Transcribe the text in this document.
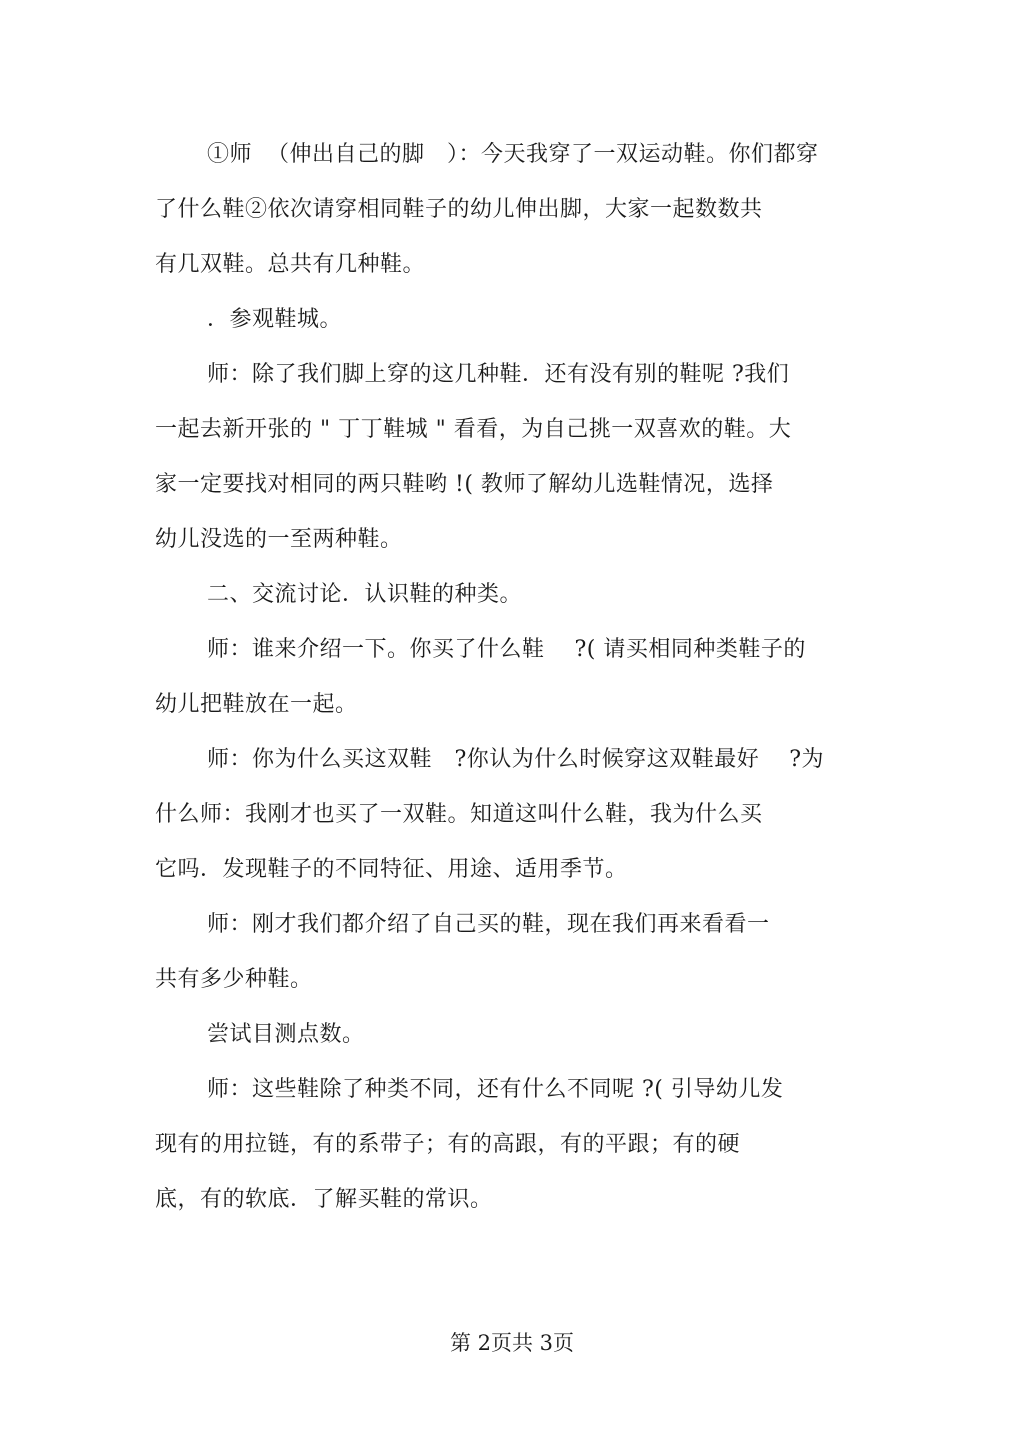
①师  （伸出自己的脚   ）：今天我穿了一双运动鞋。你们都穿
了什么鞋②依次请穿相同鞋子的幼儿伸出脚，大家一起数数共
有几双鞋。总共有几种鞋。
．参观鞋城。
师：除了我们脚上穿的这几种鞋．还有没有别的鞋呢 ?我们
一起去新开张的 " 丁丁鞋城 " 看看，为自己挑一双喜欢的鞋。大
家一定要找对相同的两只鞋哟 !( 教师了解幼儿选鞋情况，选择
幼儿没选的一至两种鞋。
二、交流讨论．认识鞋的种类。
师：谁来介绍一下。你买了什么鞋    ?( 请买相同种类鞋子的
幼儿把鞋放在一起。
师：你为什么买这双鞋   ?你认为什么时候穿这双鞋最好    ?为
什么师：我刚才也买了一双鞋。知道这叫什么鞋，我为什么买
它吗．发现鞋子的不同特征、用途、适用季节。
师：刚才我们都介绍了自己买的鞋，现在我们再来看看一
共有多少种鞋。
尝试目测点数。
师：这些鞋除了种类不同，还有什么不同呢 ?( 引导幼儿发
现有的用拉链，有的系带子；有的高跟，有的平跟；有的硬
底，有的软底．了解买鞋的常识。
第 2页共 3页
